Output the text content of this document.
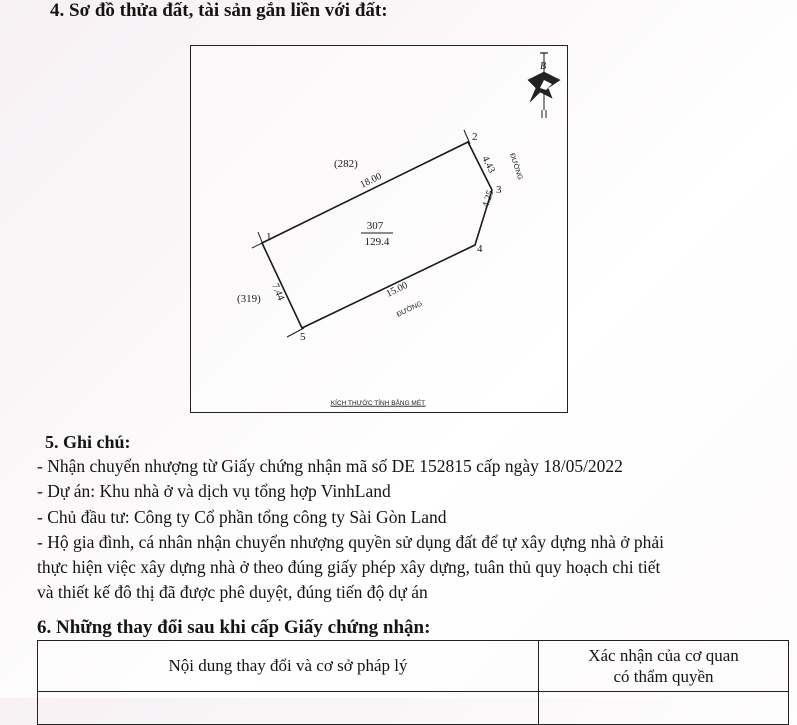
4. Sơ đồ thửa đất, tài sản gắn liền với đất:
1
2
3
4
5
18.00
4.43
4.25
15.00
7.44
307
129.4
(282)
(319)
ĐƯỜNG
ĐƯỜNG
KÍCH THƯỚC TÍNH BẰNG MÉT
B
5. Ghi chú:
- Nhận chuyển nhượng từ Giấy chứng nhận mã số DE 152815 cấp ngày 18/05/2022
- Dự án: Khu nhà ở và dịch vụ tổng hợp VinhLand
- Chủ đầu tư: Công ty Cổ phần tổng công ty Sài Gòn Land
- Hộ gia đình, cá nhân nhận chuyển nhượng quyền sử dụng đất để tự xây dựng nhà ở phải
thực hiện việc xây dựng nhà ở theo đúng giấy phép xây dựng, tuân thủ quy hoạch chi tiết
và thiết kế đô thị đã được phê duyệt, đúng tiến độ dự án
6. Những thay đổi sau khi cấp Giấy chứng nhận:
Nội dung thay đổi và cơ sở pháp lý	Xác nhận của cơ quan
có thẩm quyền
